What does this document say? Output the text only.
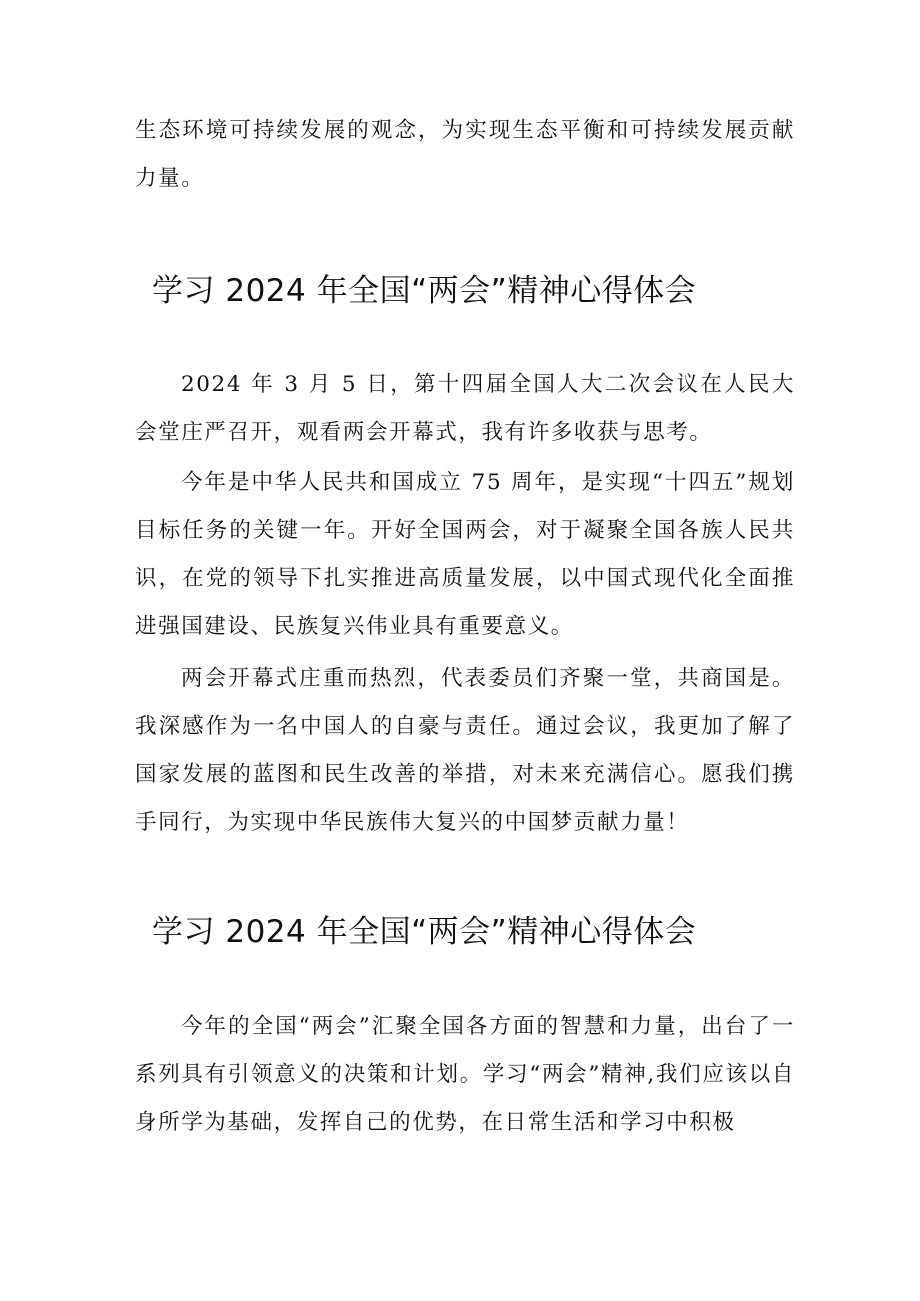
生态环境可持续发展的观念，为实现生态平衡和可持续发展贡献力量。

学习 2024 年全国“两会”精神心得体会

2024 年 3 月 5 日，第十四届全国人大二次会议在人民大会堂庄严召开，观看两会开幕式，我有许多收获与思考。

今年是中华人民共和国成立 75 周年，是实现“十四五”规划目标任务的关键一年。开好全国两会，对于凝聚全国各族人民共识，在党的领导下扎实推进高质量发展，以中国式现代化全面推进强国建设、民族复兴伟业具有重要意义。

两会开幕式庄重而热烈，代表委员们齐聚一堂，共商国是。我深感作为一名中国人的自豪与责任。通过会议，我更加了解了国家发展的蓝图和民生改善的举措，对未来充满信心。愿我们携手同行，为实现中华民族伟大复兴的中国梦贡献力量！

学习 2024 年全国“两会”精神心得体会

今年的全国“两会”汇聚全国各方面的智慧和力量，出台了一系列具有引领意义的决策和计划。学习“两会”精神,我们应该以自身所学为基础，发挥自己的优势，在日常生活和学习中积极
